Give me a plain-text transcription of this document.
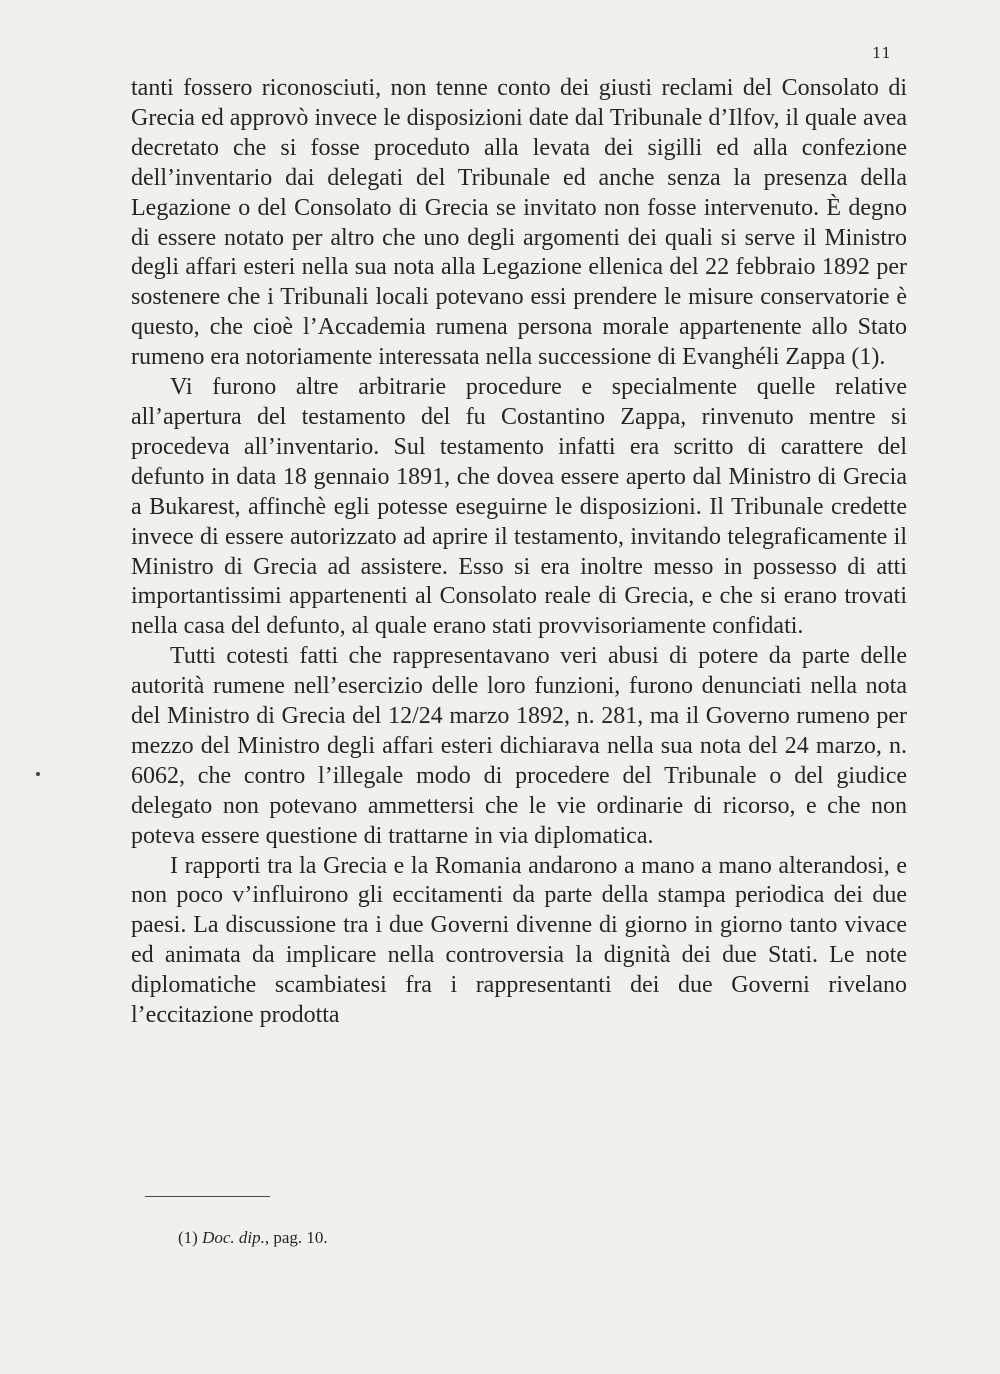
11

tanti fossero riconosciuti, non tenne conto dei giusti reclami del Consolato di Grecia ed approvò invece le disposizioni date dal Tribunale d’Ilfov, il quale avea decretato che si fosse proceduto alla levata dei sigilli ed alla confezione dell’inventario dai delegati del Tribunale ed anche senza la presenza della Legazione o del Consolato di Grecia se invitato non fosse intervenuto. È degno di essere notato per altro che uno degli argomenti dei quali si serve il Ministro degli affari esteri nella sua nota alla Legazione ellenica del 22 febbraio 1892 per sostenere che i Tribunali locali potevano essi prendere le misure conservatorie è questo, che cioè l’Accademia rumena persona morale appartenente allo Stato rumeno era notoriamente interessata nella successione di Evanghéli Zappa (1).

Vi furono altre arbitrarie procedure e specialmente quelle relative all’apertura del testamento del fu Costantino Zappa, rinvenuto mentre si procedeva all’inventario. Sul testamento infatti era scritto di carattere del defunto in data 18 gennaio 1891, che dovea essere aperto dal Ministro di Grecia a Bukarest, affinchè egli potesse eseguirne le disposizioni. Il Tribunale credette invece di essere autorizzato ad aprire il testamento, invitando telegraficamente il Ministro di Grecia ad assistere. Esso si era inoltre messo in possesso di atti importantissimi appartenenti al Consolato reale di Grecia, e che si erano trovati nella casa del defunto, al quale erano stati provvisoriamente confidati.

Tutti cotesti fatti che rappresentavano veri abusi di potere da parte delle autorità rumene nell’esercizio delle loro funzioni, furono denunciati nella nota del Ministro di Grecia del 12/24 marzo 1892, n. 281, ma il Governo rumeno per mezzo del Ministro degli affari esteri dichiarava nella sua nota del 24 marzo, n. 6062, che contro l’illegale modo di procedere del Tribunale o del giudice delegato non potevano ammettersi che le vie ordinarie di ricorso, e che non poteva essere questione di trattarne in via diplomatica.

I rapporti tra la Grecia e la Romania andarono a mano a mano alterandosi, e non poco v’influirono gli eccitamenti da parte della stampa periodica dei due paesi. La discussione tra i due Governi divenne di giorno in giorno tanto vivace ed animata da implicare nella controversia la dignità dei due Stati. Le note diplomatiche scambiatesi fra i rappresentanti dei due Governi rivelano l’eccitazione prodotta

(1) Doc. dip., pag. 10.
